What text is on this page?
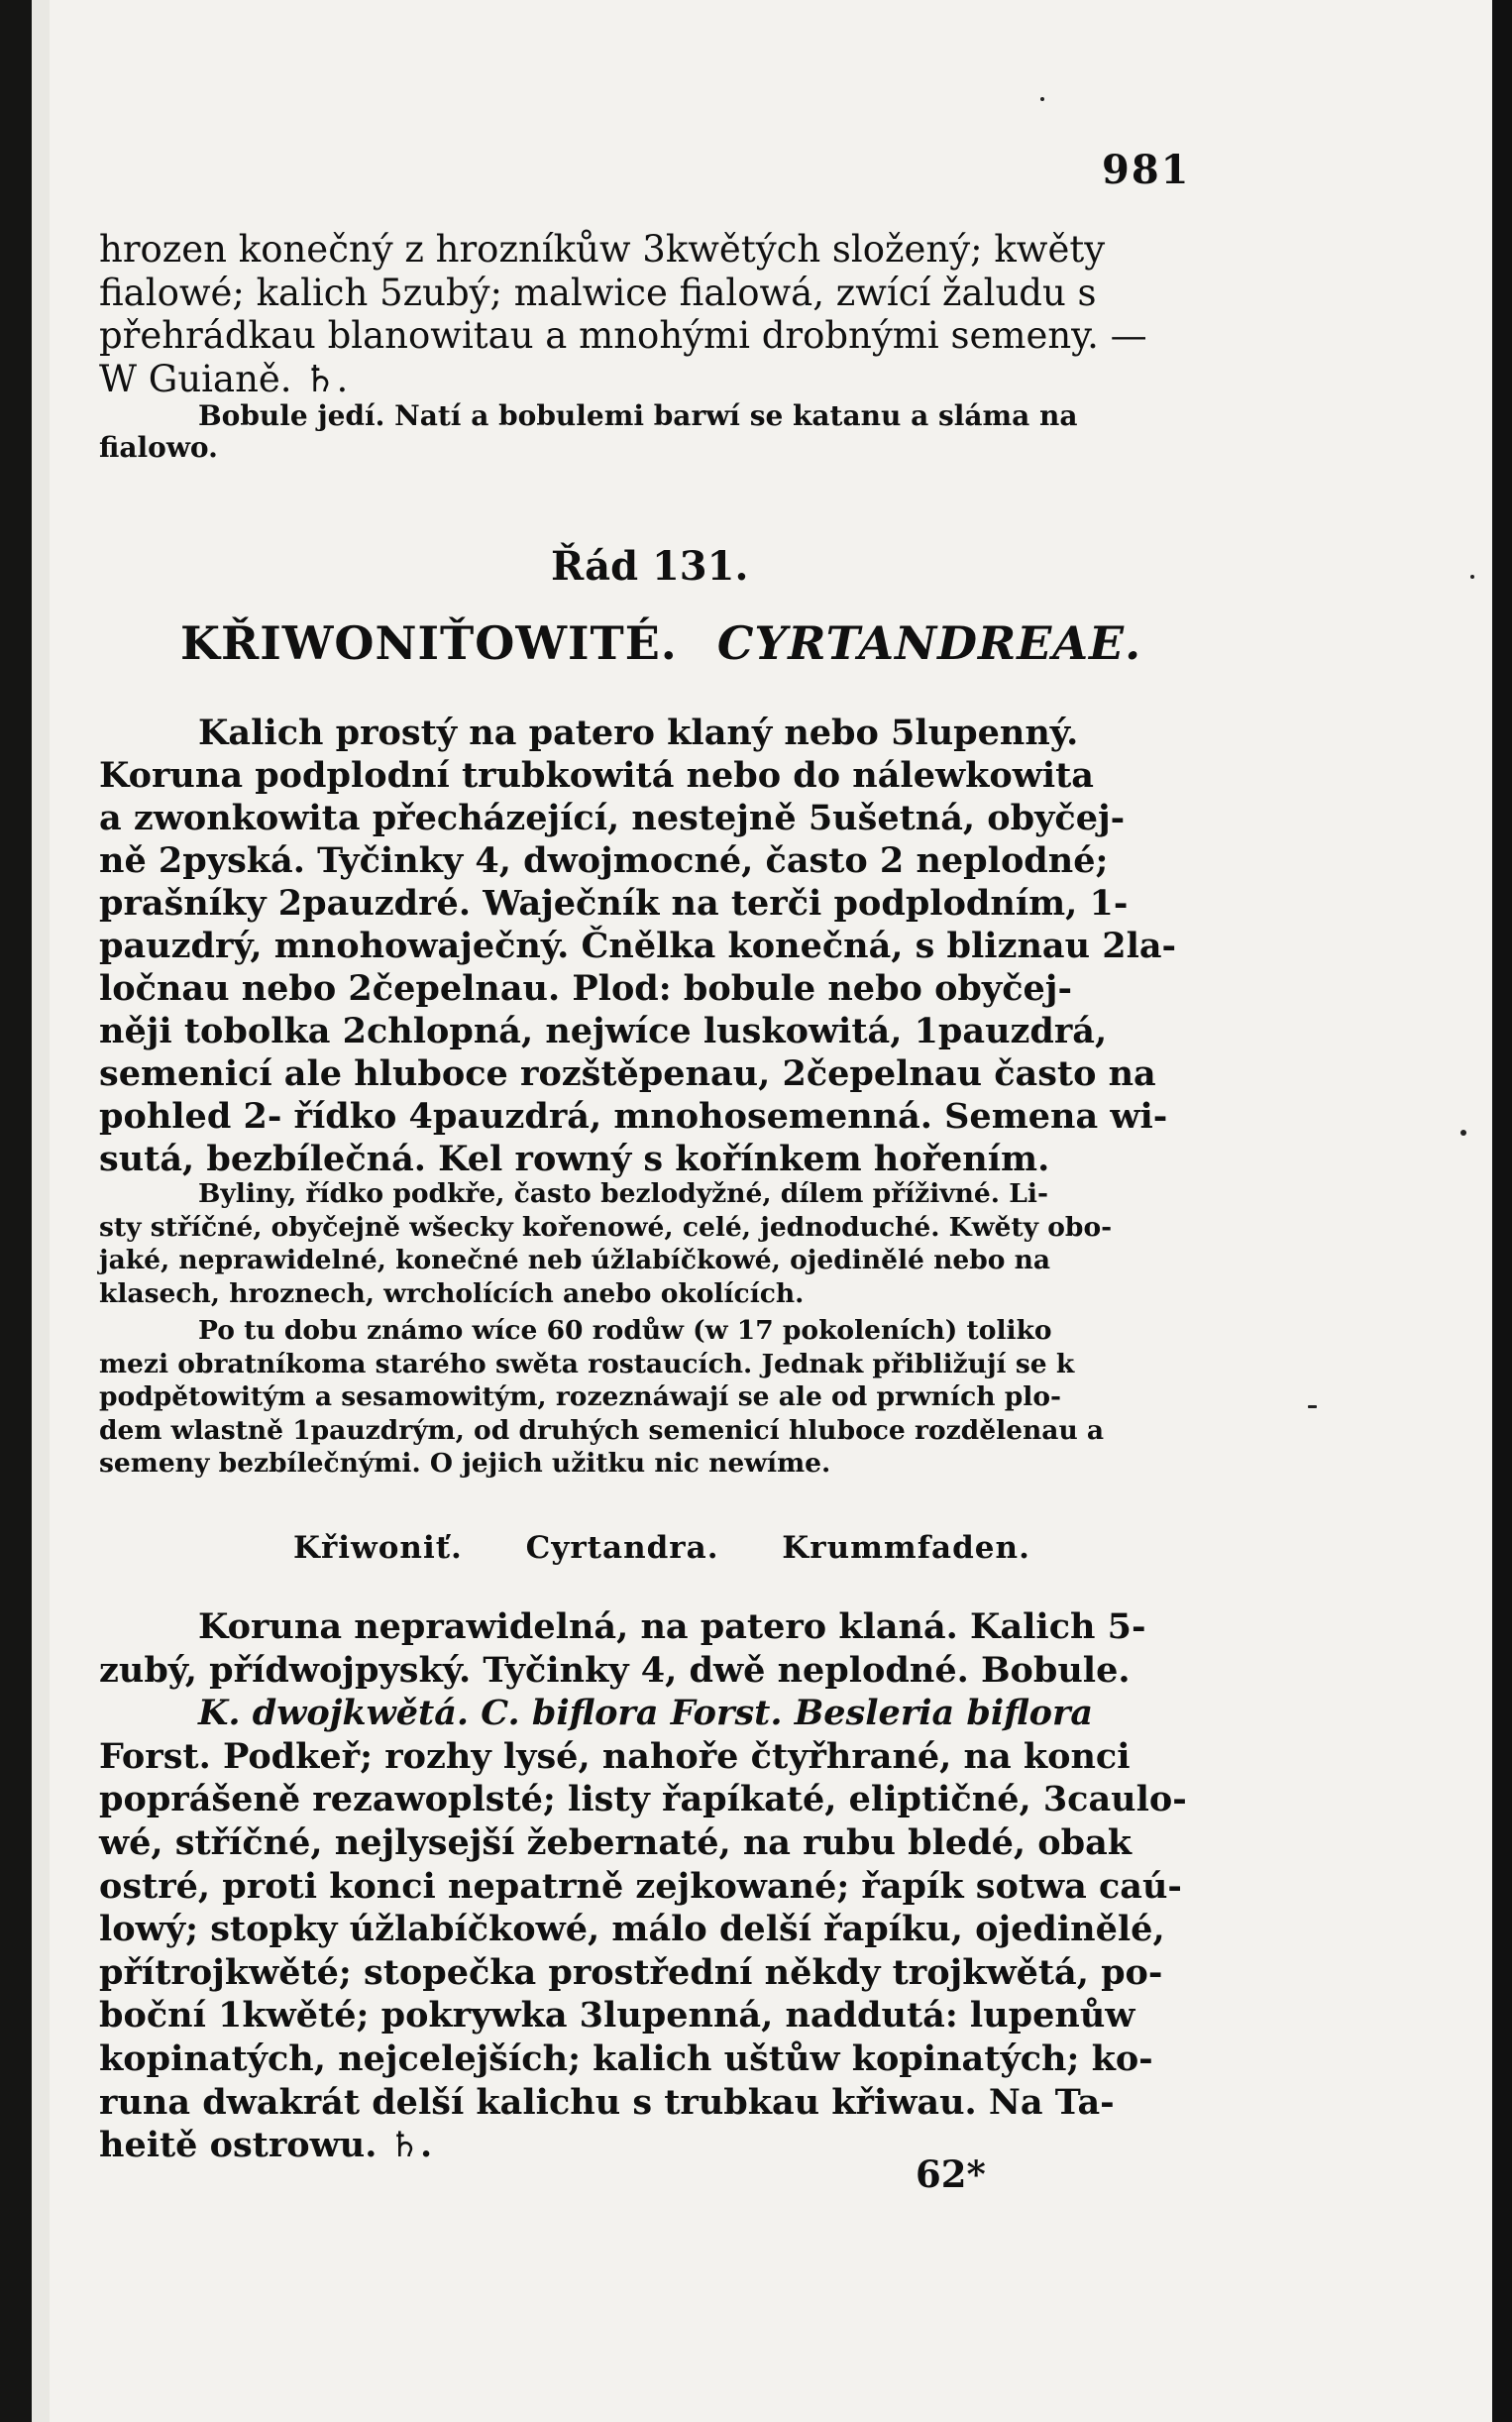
981
hrozen konečný z hrozníkůw 3kwětých složený; kwěty
fialowé; kalich 5zubý; malwice fialowá, zwící žaludu s
přehrádkau blanowitau a mnohými drobnými semeny. —
W Guianě. ♄.
Bobule jedí. Natí a bobulemi barwí se katanu a sláma na
fialowo.
Řád 131.
KŘIWONIŤOWITÉ. CYRTANDREAE.
Kalich prostý na patero klaný nebo 5lupenný.
Koruna podplodní trubkowitá nebo do nálewkowita
a zwonkowita přecházející, nestejně 5ušetná, obyčej-
ně 2pyská. Tyčinky 4, dwojmocné, často 2 neplodné;
prašníky 2pauzdré. Waječník na terči podplodním, 1-
pauzdrý, mnohowaječný. Čnělka konečná, s bliznau 2la-
ločnau nebo 2čepelnau. Plod: bobule nebo obyčej-
něji tobolka 2chlopná, nejwíce luskowitá, 1pauzdrá,
semenicí ale hluboce rozštěpenau, 2čepelnau často na
pohled 2- řídko 4pauzdrá, mnohosemenná. Semena wi-
sutá, bezbílečná. Kel rowný s kořínkem hořením.
Byliny, řídko podkře, často bezlodyžné, dílem příživné. Li-
sty stříčné, obyčejně wšecky kořenowé, celé, jednoduché. Kwěty obo-
jaké, neprawidelné, konečné neb úžlabíčkowé, ojedinělé nebo na
klasech, hroznech, wrcholících anebo okolících.
Po tu dobu známo wíce 60 rodůw (w 17 pokoleních) toliko
mezi obratníkoma starého swěta rostaucích. Jednak přibližují se k
podpětowitým a sesamowitým, rozeznáwají se ale od prwních plo-
dem wlastně 1pauzdrým, od druhých semenicí hluboce rozdělenau a
semeny bezbílečnými. O jejich užitku nic newíme.
Křiwoniť. Cyrtandra. Krummfaden.
Koruna neprawidelná, na patero klaná. Kalich 5-
zubý, přídwojpyský. Tyčinky 4, dwě neplodné. Bobule.
K. dwojkwětá. C. biflora Forst. Besleria biflora
Forst. Podkeř; rozhy lysé, nahoře čtyřhrané, na konci
poprášeně rezawoplsté; listy řapíkaté, eliptičné, 3caulo-
wé, stříčné, nejlysejší žebernaté, na rubu bledé, obak
ostré, proti konci nepatrně zejkowané; řapík sotwa caú-
lowý; stopky úžlabíčkowé, málo delší řapíku, ojedinělé,
přítrojkwěté; stopečka prostřední někdy trojkwětá, po-
boční 1kwěté; pokrywka 3lupenná, naddutá: lupenůw
kopinatých, nejcelejších; kalich uštůw kopinatých; ko-
runa dwakrát delší kalichu s trubkau křiwau. Na Ta-
heitě ostrowu. ♄.
62*
